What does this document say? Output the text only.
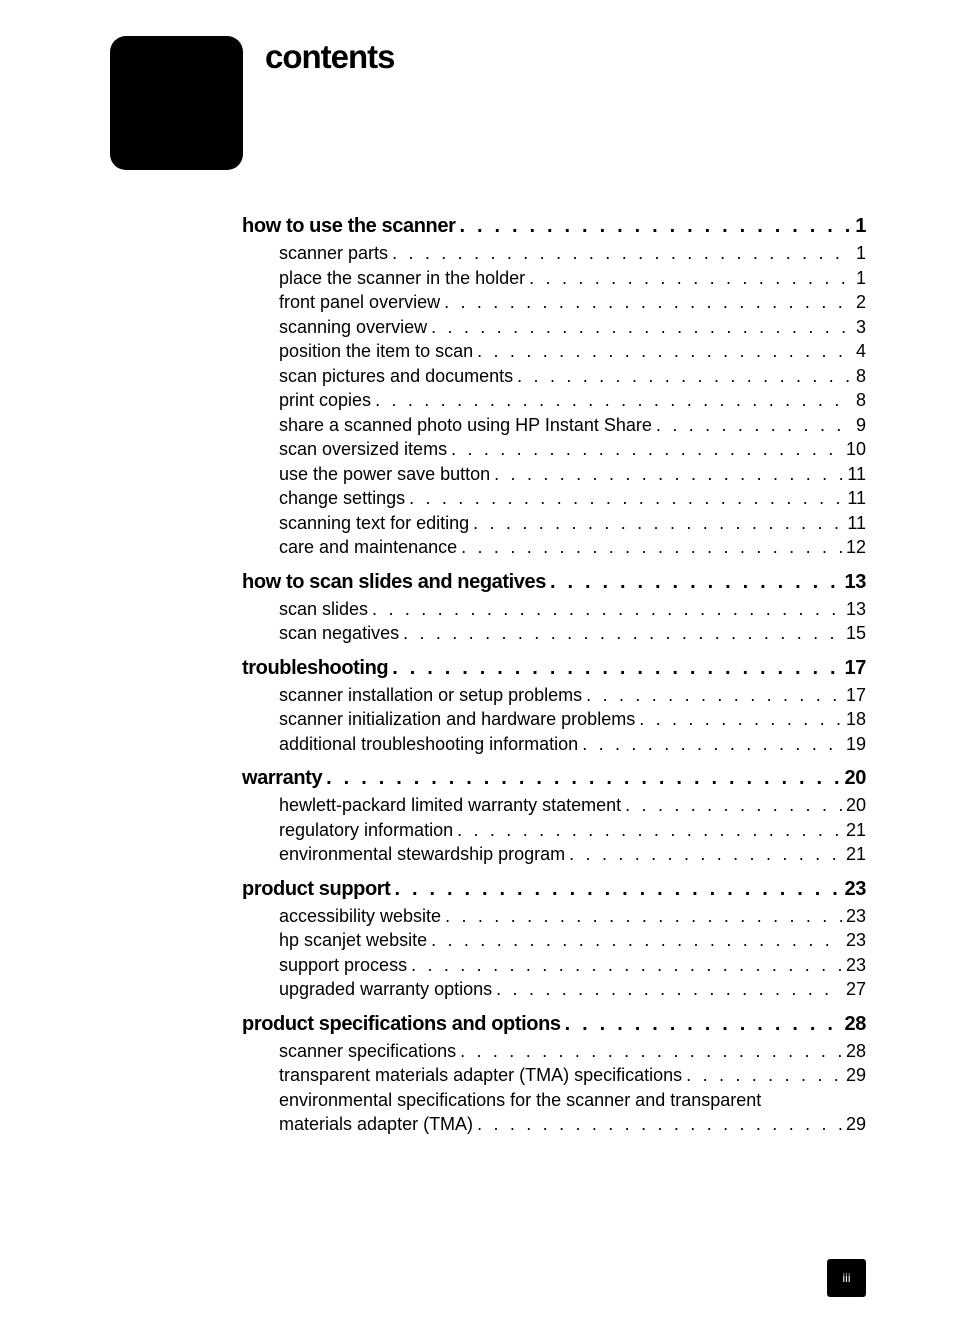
contents
how to use the scanner . . .	1
scanner parts . . .	1
place the scanner in the holder . . .	1
front panel overview . . .	2
scanning overview . . .	3
position the item to scan . . .	4
scan pictures and documents . . .	8
print copies . . .	8
share a scanned photo using HP Instant Share . . .	9
scan oversized items . . .	10
use the power save button . . .	11
change settings . . .	11
scanning text for editing . . .	11
care and maintenance . . .	12
how to scan slides and negatives . . .	13
scan slides . . .	13
scan negatives . . .	15
troubleshooting . . .	17
scanner installation or setup problems . . .	17
scanner initialization and hardware problems . . .	18
additional troubleshooting information . . .	19
warranty . . .	20
hewlett-packard limited warranty statement . . .	20
regulatory information . . .	21
environmental stewardship program . . .	21
product support . . .	23
accessibility website . . .	23
hp scanjet website . . .	23
support process . . .	23
upgraded warranty options . . .	27
product specifications and options . . .	28
scanner specifications . . .	28
transparent materials adapter (TMA) specifications . . .	29
environmental specifications for the scanner and transparent
materials adapter (TMA) . . .	29
iii
